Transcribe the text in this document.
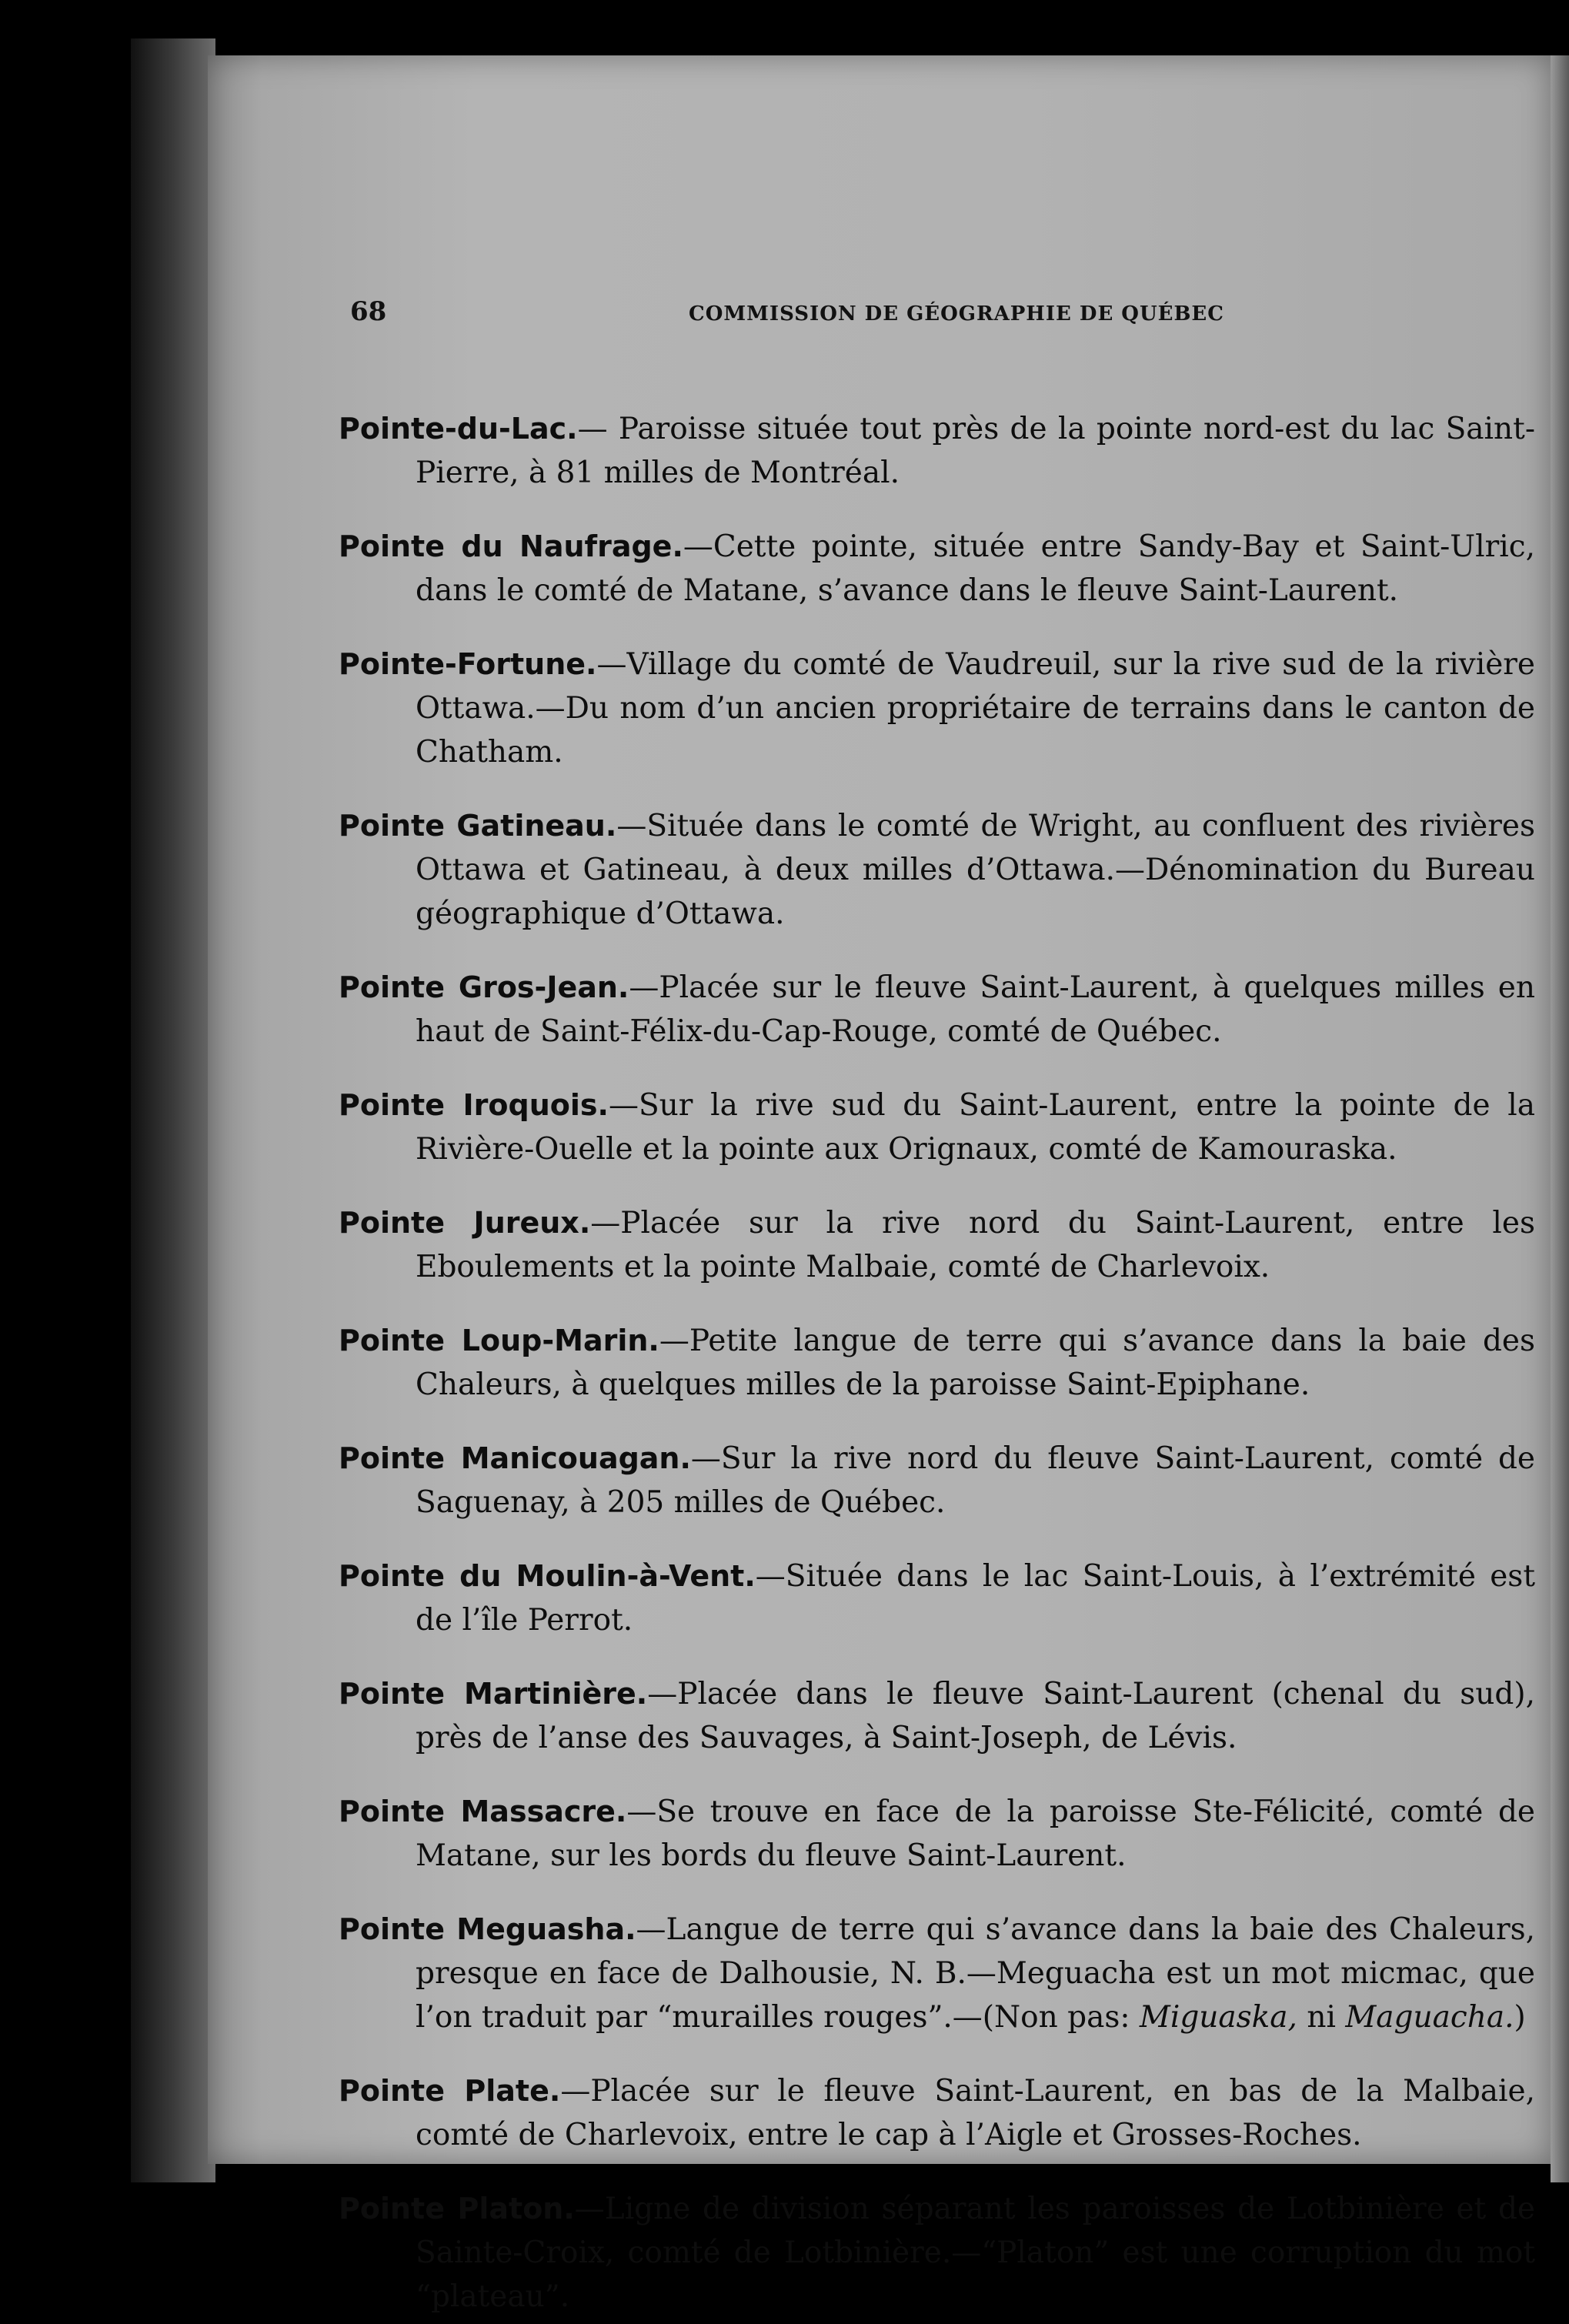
68	COMMISSION DE GÉOGRAPHIE DE QUÉBEC

Pointe-du-Lac.— Paroisse située tout près de la pointe nord-est du lac Saint-Pierre, à 81 milles de Montréal.

Pointe du Naufrage.—Cette pointe, située entre Sandy-Bay et Saint-Ulric, dans le comté de Matane, s’avance dans le fleuve Saint-Laurent.

Pointe-Fortune.—Village du comté de Vaudreuil, sur la rive sud de la rivière Ottawa.—Du nom d’un ancien propriétaire de terrains dans le canton de Chatham.

Pointe Gatineau.—Située dans le comté de Wright, au confluent des rivières Ottawa et Gatineau, à deux milles d’Ottawa.—Dénomination du Bureau géographique d’Ottawa.

Pointe Gros-Jean.—Placée sur le fleuve Saint-Laurent, à quelques milles en haut de Saint-Félix-du-Cap-Rouge, comté de Québec.

Pointe Iroquois.—Sur la rive sud du Saint-Laurent, entre la pointe de la Rivière-Ouelle et la pointe aux Orignaux, comté de Kamouraska.

Pointe Jureux.—Placée sur la rive nord du Saint-Laurent, entre les Eboulements et la pointe Malbaie, comté de Charlevoix.

Pointe Loup-Marin.—Petite langue de terre qui s’avance dans la baie des Chaleurs, à quelques milles de la paroisse Saint-Epiphane.

Pointe Manicouagan.—Sur la rive nord du fleuve Saint-Laurent, comté de Saguenay, à 205 milles de Québec.

Pointe du Moulin-à-Vent.—Située dans le lac Saint-Louis, à l’extrémité est de l’île Perrot.

Pointe Martinière.—Placée dans le fleuve Saint-Laurent (chenal du sud), près de l’anse des Sauvages, à Saint-Joseph, de Lévis.

Pointe Massacre.—Se trouve en face de la paroisse Ste-Félicité, comté de Matane, sur les bords du fleuve Saint-Laurent.

Pointe Meguasha.—Langue de terre qui s’avance dans la baie des Chaleurs, presque en face de Dalhousie, N. B.—Meguacha est un mot micmac, que l’on traduit par “murailles rouges”.—(Non pas: Miguaska, ni Maguacha.)

Pointe Plate.—Placée sur le fleuve Saint-Laurent, en bas de la Malbaie, comté de Charlevoix, entre le cap à l’Aigle et Grosses-Roches.

Pointe Platon.—Ligne de division séparant les paroisses de Lotbinière et de Sainte-Croix, comté de Lotbinière.—“Platon” est une corruption du mot “plateau”.
